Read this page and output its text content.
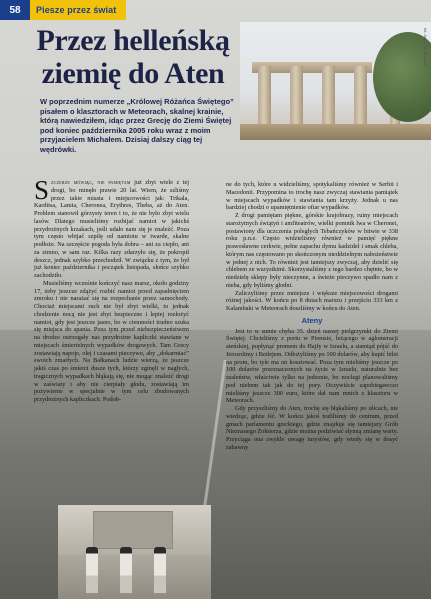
58	Piesze przez świat
Przez helleńską ziemię do Aten
fot. Arch. Wł. Bartosik

W poprzednim numerze „Królowej Różańca Świętego” pisałem o klasztorach w Meteorach, skalnej krainie, którą nawiedziłem, idąc przez Grecję do Ziemi Świętej pod koniec października 2005 roku wraz z moim przyjacielem Michałem. Dzisiaj dalszy ciąg tej wędrówki.

Szczerze mówiąc, nie pamiętam już zbyt wiele z tej drogi, bo minęło prawie 20 lat. Wiem, że szliśmy przez takie miasta i miejscowości jak: Trikala, Karditsa, Lamia, Cheronea, Erythres, Theba, aż do Aten. Problem stanowił górzysty teren i to, że nie było zbyt wielu lasów. Dlatego musieliśmy rozbijać namiot w jakichś przydrożnych krzakach, jeśli udało nam się je znaleźć. Poza tym często wbijać szpilę od namiotu w twarde, skalne podłoże. Na szczęście pogoda była dobra – ani za ciepło, ani za zimno, w sam raz. Kilka razy zdarzyło się, że pokropił deszcz, jednak szybko przechodził. W związku z tym, że był już koniec października i początek listopada, słońce szybko zachodziło.

Musieliśmy wcześnie kończyć nasz marsz, około godziny 17, żeby jeszcze zdążyć rozbić namiot przed zapadnięciem zmroku i nie narażać się na rozpechanie przez samochody. Chociaż miejscami ruch nie był zbyt wielki, to jednak chodzenie nocą nie jest zbyt bezpieczne i lepiej rozłożyć namiot, gdy jest jeszcze jasno, bo w ciemności trudno szuka się miejsca do spania. Poza tym przed niebezpieczeństwem na drodze ostrzegały nas przydrożne kapliczki stawiane w miejscach śmiertelnych wypadków drogowych. Tam Grecy zostawiają napoje, olej i czasami pieczywo, aby „dokarmiać” swoich zmarłych. Na Bałkanach ludzie wierzą, że jeszcze jakiś czas po śmierci dusze tych, którzy zginęli w nagłych, tragicznych wypadkach błąkają się, nie mogąc znaleźć drogi w zaświaty i aby nie cierpiały głodu, zostawiają im pożywienie w specjalnie w tym celu zbudowanych przydrożnych kapliczkach. Podob-

ne do tych, które u widzieliśmy, spotykaliśmy również w Serbii i Macedonii. Przypomina to trochę nasz zwyczaj stawiania pamiątek w miejscach wypadków i stawiania tam krzyży. Jednak u nas bardziej chodzi o upamiętnienie ofiar wypadków.

Z drogi pamiętam piękne, górskie krajobrazy, ruiny miejscach starożytnych świątyń i amfiteatrów, wielki pomnik lwa w Cheronei, postawiony dla uczczenia poległych Tebańczyków w bitwie w 338 roku p.n.e. Często widzieliśmy również w pamięć piękne prawosławne cerkwie, pełne zapachu dymu kadzideł i smak chleba, którym nas częstowano po skończonym nieddzielnym nabożeństwie w jednej z nich. To również jest tamtejszy zwyczaj, aby dzielić się chlebem ze wszystkimi. Skorzystaliśmy z tego bardzo chętnie, bo w niedzielę sklepy były nieczynne, a świeże pieczywo spadło nam z nieba, gdy byliśmy głodni.

Zaliczyliśmy przez mniejsze i większe miejscowości drogami różnej jakości. W końcu po 8 dniach marszu i przejściu 333 km z Kalambaki w Meteorach doszliśmy w końcu do Aten.

Ateny

Jest to w sumie chyba 35. dzień naszej pielgrzymki do Ziemi Świętej. Chcieliśmy z portu w Pireusie, leżącego w aglomeracji ateńskiej, popłynąć promem do Hajfy w Izraelu, a stamtąd pójść do Jerozolimy i Betlejem. Odłożyliśmy po 100 dolarów, aby kupić bilet na prom, bo tyle ma on kosztować. Poza tym mieliśmy jeszcze po 100 dolarów przeznaczonych na życie w Izraelu, naturalnie bez szaleństw, właściwie tylko na jedzenie, bo noclegi planowaliśmy pod niebem tak jak do tej pory. Oczywiście zapobiegawczo mieliśmy jeszcze 300 euro, które dał nam mnich z klasztoru w Meteorach.

Gdy przyszliśmy do Aten, trochę się błąkaliśmy po ulicach, nie wiedząc, gdzie iść. W końcu jakoś trafiliśmy do centrum, przed gmach parlamentu greckiego, gdzie znajduje się tamtejszy Grób Nieznanego Żołnierza, gdzie można podziwiać słynną zmianę warty. Przyciąga ona zwykle uwagę turystów, gdy wtedy się w dosyć zabawny
